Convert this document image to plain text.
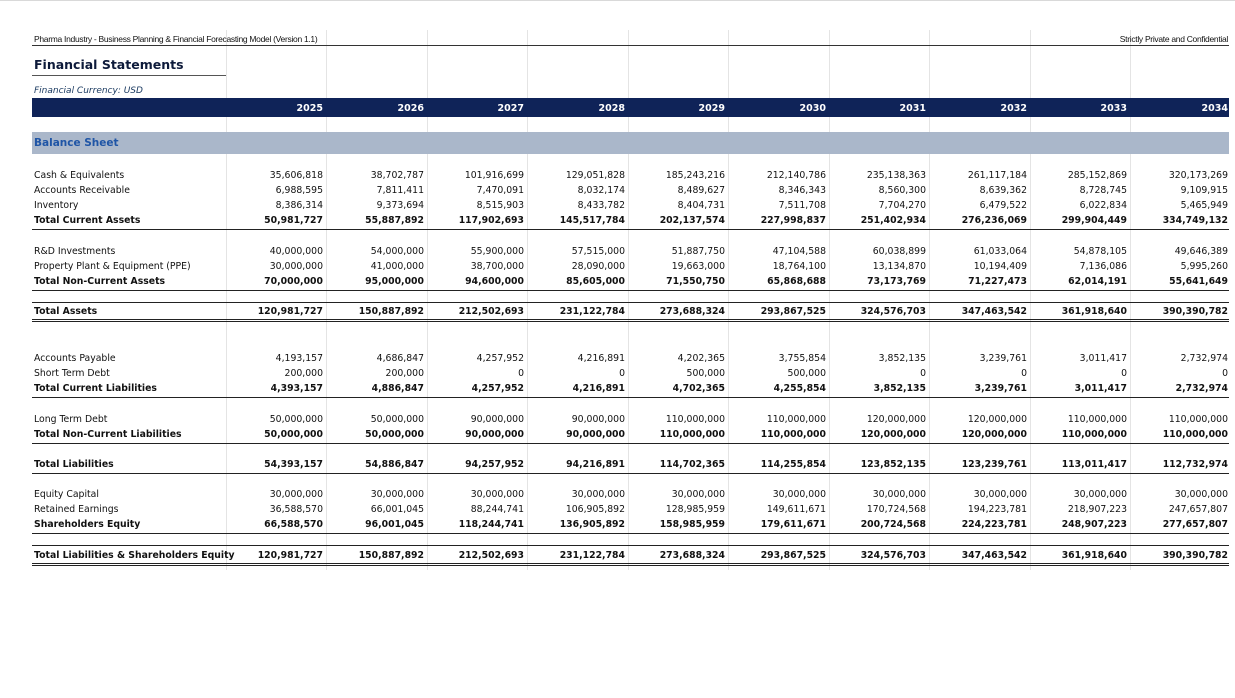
Pharma Industry - Business Planning & Financial Forecasting Model (Version 1.1)	Strictly Private and Confidential
Financial Statements
Financial Currency: USD
2025	2026	2027	2028	2029	2030	2031	2032	2033	2034
Balance Sheet
Cash & Equivalents	35,606,818	38,702,787	101,916,699	129,051,828	185,243,216	212,140,786	235,138,363	261,117,184	285,152,869	320,173,269
Accounts Receivable	6,988,595	7,811,411	7,470,091	8,032,174	8,489,627	8,346,343	8,560,300	8,639,362	8,728,745	9,109,915
Inventory	8,386,314	9,373,694	8,515,903	8,433,782	8,404,731	7,511,708	7,704,270	6,479,522	6,022,834	5,465,949
Total Current Assets	50,981,727	55,887,892	117,902,693	145,517,784	202,137,574	227,998,837	251,402,934	276,236,069	299,904,449	334,749,132
R&D Investments	40,000,000	54,000,000	55,900,000	57,515,000	51,887,750	47,104,588	60,038,899	61,033,064	54,878,105	49,646,389
Property Plant & Equipment (PPE)	30,000,000	41,000,000	38,700,000	28,090,000	19,663,000	18,764,100	13,134,870	10,194,409	7,136,086	5,995,260
Total Non-Current Assets	70,000,000	95,000,000	94,600,000	85,605,000	71,550,750	65,868,688	73,173,769	71,227,473	62,014,191	55,641,649
Total Assets	120,981,727	150,887,892	212,502,693	231,122,784	273,688,324	293,867,525	324,576,703	347,463,542	361,918,640	390,390,782
Accounts Payable	4,193,157	4,686,847	4,257,952	4,216,891	4,202,365	3,755,854	3,852,135	3,239,761	3,011,417	2,732,974
Short Term Debt	200,000	200,000	0	0	500,000	500,000	0	0	0	0
Total Current Liabilities	4,393,157	4,886,847	4,257,952	4,216,891	4,702,365	4,255,854	3,852,135	3,239,761	3,011,417	2,732,974
Long Term Debt	50,000,000	50,000,000	90,000,000	90,000,000	110,000,000	110,000,000	120,000,000	120,000,000	110,000,000	110,000,000
Total Non-Current Liabilities	50,000,000	50,000,000	90,000,000	90,000,000	110,000,000	110,000,000	120,000,000	120,000,000	110,000,000	110,000,000
Total Liabilities	54,393,157	54,886,847	94,257,952	94,216,891	114,702,365	114,255,854	123,852,135	123,239,761	113,011,417	112,732,974
Equity Capital	30,000,000	30,000,000	30,000,000	30,000,000	30,000,000	30,000,000	30,000,000	30,000,000	30,000,000	30,000,000
Retained Earnings	36,588,570	66,001,045	88,244,741	106,905,892	128,985,959	149,611,671	170,724,568	194,223,781	218,907,223	247,657,807
Shareholders Equity	66,588,570	96,001,045	118,244,741	136,905,892	158,985,959	179,611,671	200,724,568	224,223,781	248,907,223	277,657,807
Total Liabilities & Shareholders Equity	120,981,727	150,887,892	212,502,693	231,122,784	273,688,324	293,867,525	324,576,703	347,463,542	361,918,640	390,390,782
